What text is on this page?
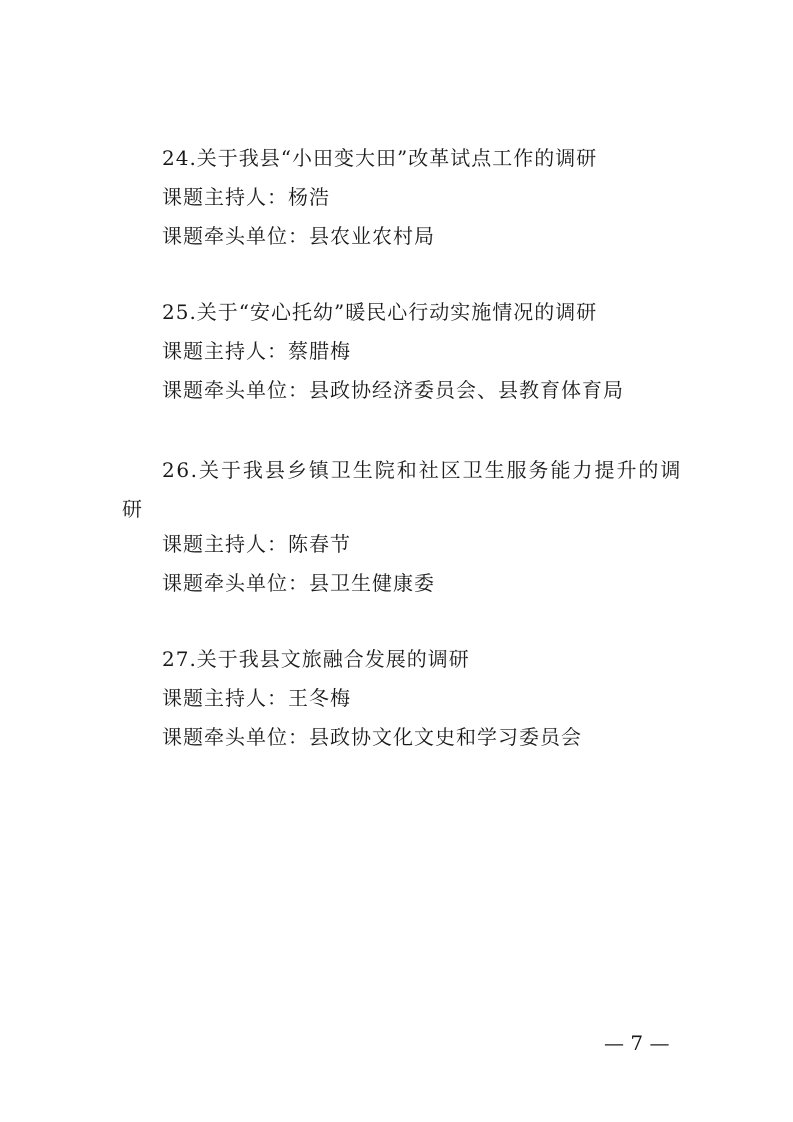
24.关于我县“小田变大田”改革试点工作的调研
课题主持人：杨浩
课题牵头单位：县农业农村局
25.关于“安心托幼”暖民心行动实施情况的调研
课题主持人：蔡腊梅
课题牵头单位：县政协经济委员会、县教育体育局
26.关于我县乡镇卫生院和社区卫生服务能力提升的调研
课题主持人：陈春节
课题牵头单位：县卫生健康委
27.关于我县文旅融合发展的调研
课题主持人：王冬梅
课题牵头单位：县政协文化文史和学习委员会
— 7 —
